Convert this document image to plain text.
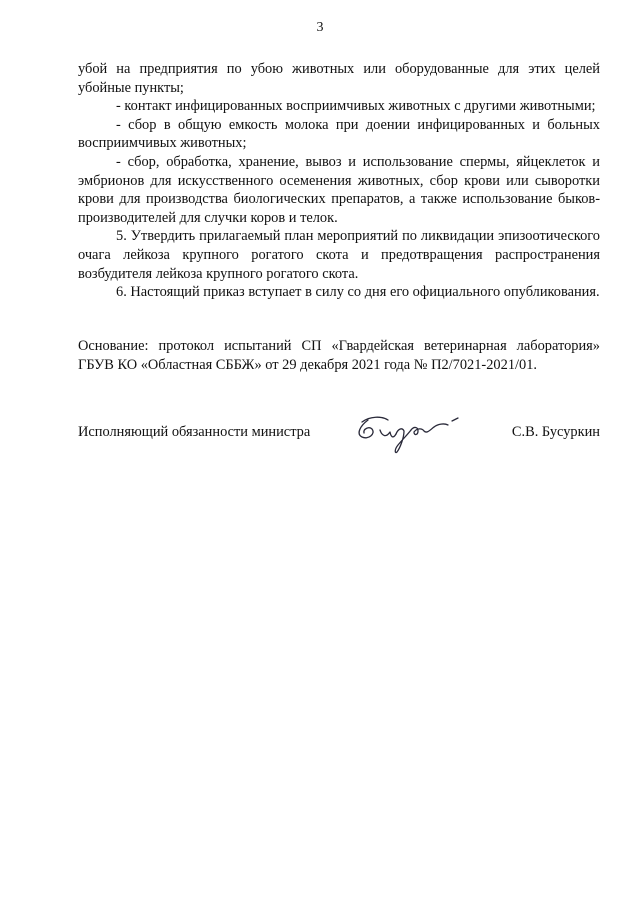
3

убой на предприятия по убою животных или оборудованные для этих целей убойные пункты;

- контакт инфицированных восприимчивых животных с другими животными;

- сбор в общую емкость молока при доении инфицированных и больных восприимчивых животных;

- сбор, обработка, хранение, вывоз и использование спермы, яйцеклеток и эмбрионов для искусственного осеменения животных, сбор крови или сыворотки крови для производства биологических препаратов, а также использование быков-производителей для случки коров и телок.

5. Утвердить прилагаемый план мероприятий по ликвидации эпизоотического очага лейкоза крупного рогатого скота и предотвращения распространения возбудителя лейкоза крупного рогатого скота.

6. Настоящий приказ вступает в силу со дня его официального опубликования.

Основание: протокол испытаний СП «Гвардейская ветеринарная лаборатория» ГБУВ КО «Областная СББЖ» от 29 декабря 2021 года № П2/7021-2021/01.

Исполняющий обязанности министра	С.В. Бусуркин
